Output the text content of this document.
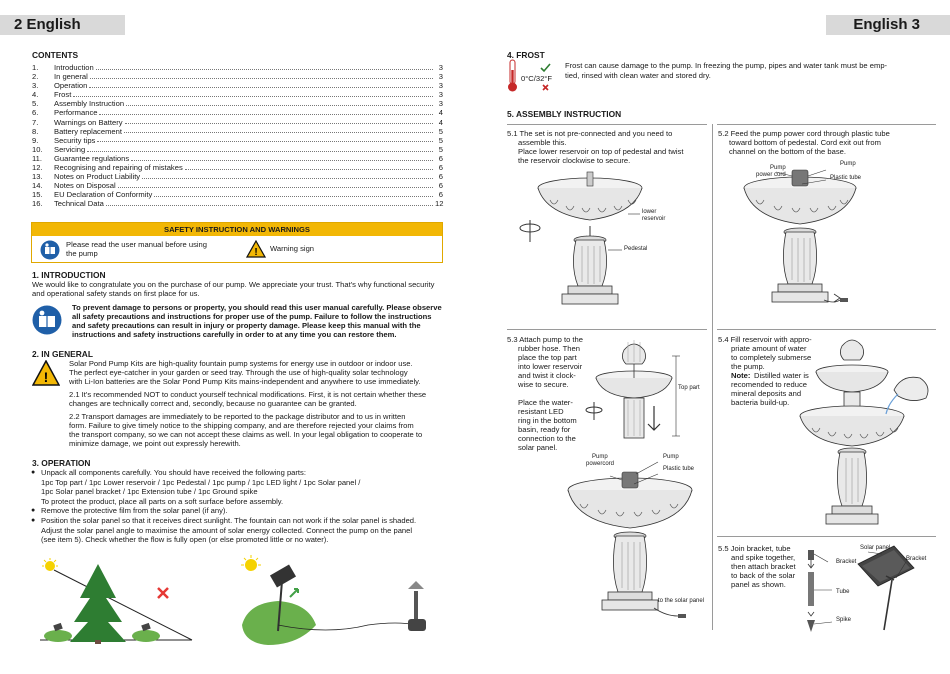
2 English	English 3
CONTENTS
1.	Introduction	3
2.	In general	3
3.	Operation	3
4.	Frost	3
5.	Assembly Instruction	3
6.	Performance	4
7.	Warnings on Battery	4
8.	Battery replacement	5
9.	Security tips	5
10.	Servicing	5
11.	Guarantee regulations	6
12.	Recognising and repairing of mistakes	6
13.	Notes on Product Liability	6
14.	Notes on Disposal	6
15.	EU Declaration of Conformity	6
16.	Technical Data	12
SAFETY INSTRUCTION AND WARNINGS
Please read the user manual before using
the pump	! Warning sign
1. INTRODUCTION
We would like to congratulate you on the purchase of our pump. We appreciate your trust. That's why functional security
and operational safety stands on first place for us.
To prevent damage to persons or property, you should read this user manual carefully. Please observe
all safety precautions and instructions for proper use of the pump. Failure to follow the instructions
and safety precautions can result in injury or property damage. Please keep this manual with the
instructions and safety instructions carefully in order to at any time you can restore them.
2. IN GENERAL
!
Solar Pond Pump Kits are high-quality fountain pump systems for energy use in outdoor or indoor use.
The perfect eye-catcher in your garden or seed tray. Through the use of high-quality solar technology
with Li-Ion batteries are the Solar Pond Pump Kits mains-independent and anywhere to use immediately.
2.1 It's recommended NOT to conduct yourself technical modifications. First, it is not certain whether these
changes are technically correct and, secondly, because no guarantee can be granted.
2.2 Transport damages are immediately to be reported to the package distributor and to us in written
form. Failure to give timely notice to the shipping company, and are therefore rejected your claims from
the transport company, so we can not accept these claims as well. In your legal obligation to cooperate to
minimize damage, we point out expressly herewith.
3. OPERATION
● Unpack all components carefully. You should have received the following parts:
1pc Top part / 1pc Lower reservoir / 1pc Pedestal / 1pc pump / 1pc LED light / 1pc Solar panel /
1pc Solar panel bracket / 1pc Extension tube / 1pc Ground spike
To protect the product, place all parts on a soft surface before assembly.
● Remove the protective film from the solar panel (if any).
● Position the solar panel so that it receives direct sunlight. The fountain can not work if the solar panel is shaded.
Adjust the solar panel angle to maximise the amount of solar energy collected. Connect the pump on the panel
(see item 5). Check whether the flow is fully open (or else promoted little or no water).
4. FROST
0°C/32°F
Frost can cause damage to the pump. In freezing the pump, pipes and water tank must be emp-
tied, rinsed with clean water and stored dry.
5. ASSEMBLY INSTRUCTION
5.1 The set is not pre-connected and you need to
assemble this.
Place lower reservoir on top of pedestal and twist
the reservoir clockwise to secure.
lower
reservoir
Pedestal
5.2 Feed the pump power cord through plastic tube
toward bottom of pedestal. Cord exit out from
channel on the bottom of the base.
Pump
power cord
Pump
Plastic tube
5.3 Attach pump to the
rubber hose. Then
place the top part
into lower reservoir
and twist it clock-
wise to secure.
Place the water-
resistant LED
ring in the bottom
basin, ready for
connection to the
solar panel.
Top part
Pump
Pump
powercord
Plastic tube
to the solar panel
5.4 Fill reservoir with appro-
priate amount of water
to completely submerse
the pump.
Note: Distilled water is
recomended to reduce
mineral deposits and
bacteria build-up.
5.5 Join bracket, tube
and spike together,
then attach bracket
to back of the solar
panel as shown.
Bracket
Tube
Spike
Solar panel
Bracket
